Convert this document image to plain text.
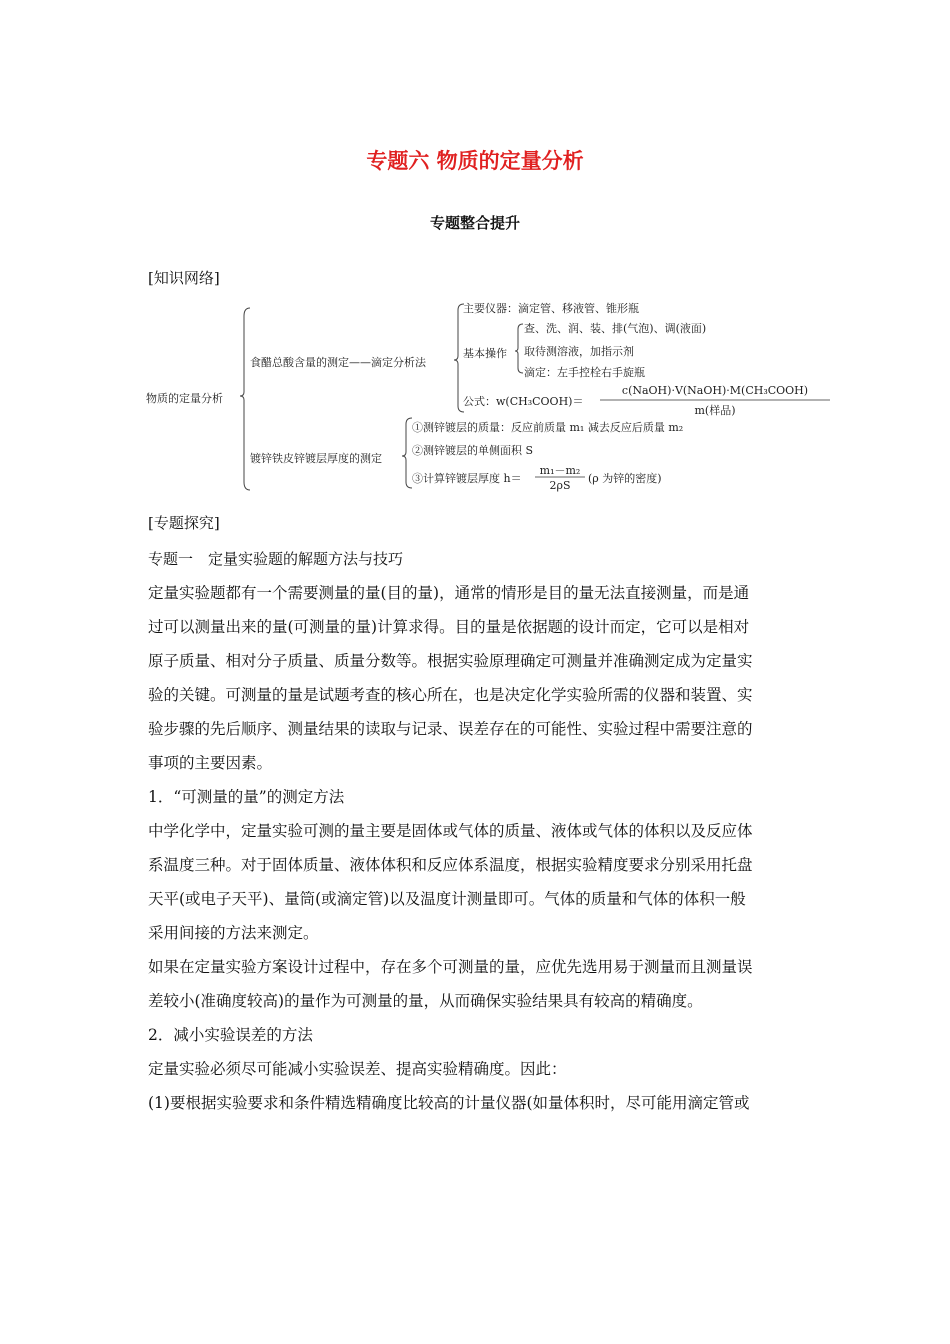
专题六 物质的定量分析
专题整合提升
[知识网络]
物质的定量分析
食醋总酸含量的测定——滴定分析法
主要仪器：滴定管、移液管、锥形瓶
基本操作
查、洗、润、装、排(气泡)、调(液面)
取待测溶液，加指示剂
滴定：左手控栓右手旋瓶
公式： w(CH₃COOH)＝
c(NaOH)·V(NaOH)·M(CH₃COOH)
m(样品)
镀锌铁皮锌镀层厚度的测定
①测锌镀层的质量：反应前质量 m₁ 减去反应后质量 m₂
②测锌镀层的单侧面积 S
③计算锌镀层厚度 h＝
m₁－m₂
2ρS
(ρ 为锌的密度)
[专题探究]
专题一　定量实验题的解题方法与技巧

定量实验题都有一个需要测量的量(目的量)，通常的情形是目的量无法直接测量，而是通

过可以测量出来的量(可测量的量)计算求得。目的量是依据题的设计而定，它可以是相对

原子质量、相对分子质量、质量分数等。根据实验原理确定可测量并准确测定成为定量实

验的关键。可测量的量是试题考查的核心所在，也是决定化学实验所需的仪器和装置、实

验步骤的先后顺序、测量结果的读取与记录、误差存在的可能性、实验过程中需要注意的

事项的主要因素。

1．“可测量的量”的测定方法

中学化学中，定量实验可测的量主要是固体或气体的质量、液体或气体的体积以及反应体

系温度三种。对于固体质量、液体体积和反应体系温度，根据实验精度要求分别采用托盘

天平(或电子天平)、量筒(或滴定管)以及温度计测量即可。气体的质量和气体的体积一般

采用间接的方法来测定。

如果在定量实验方案设计过程中，存在多个可测量的量，应优先选用易于测量而且测量误

差较小(准确度较高)的量作为可测量的量，从而确保实验结果具有较高的精确度。

2．减小实验误差的方法

定量实验必须尽可能减小实验误差、提高实验精确度。因此：

(1)要根据实验要求和条件精选精确度比较高的计量仪器(如量体积时，尽可能用滴定管或
